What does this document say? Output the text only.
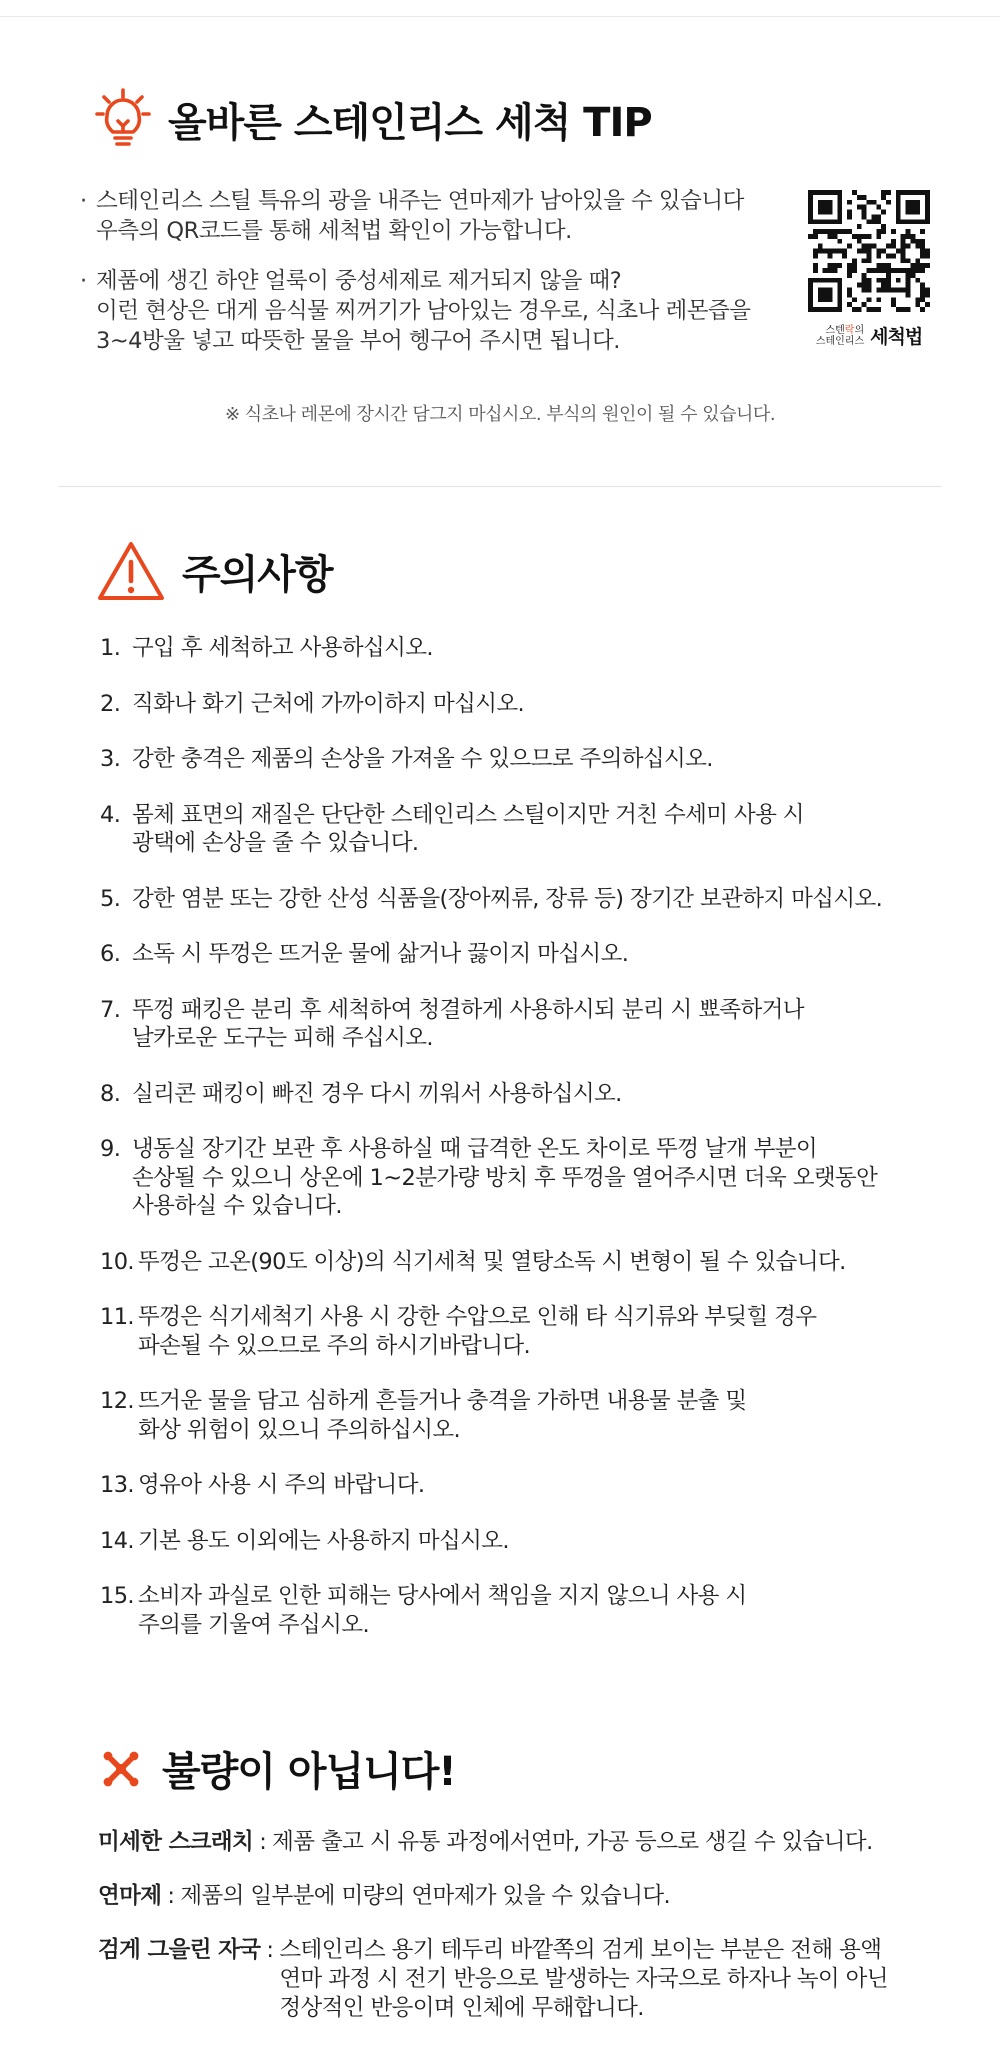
올바른 스테인리스 세척 TIP
· 스테인리스 스틸 특유의 광을 내주는 연마제가 남아있을 수 있습니다
우측의 QR코드를 통해 세척법 확인이 가능합니다.
· 제품에 생긴 하얀 얼룩이 중성세제로 제거되지 않을 때?
이런 현상은 대게 음식물 찌꺼기가 남아있는 경우로, 식초나 레몬즙을
3~4방울 넣고 따뜻한 물을 부어 헹구어 주시면 됩니다.	스텐락의
스테인리스 세척법
※ 식초나 레몬에 장시간 담그지 마십시오. 부식의 원인이 될 수 있습니다.
주의사항
1. 구입 후 세척하고 사용하십시오.
2. 직화나 화기 근처에 가까이하지 마십시오.
3. 강한 충격은 제품의 손상을 가져올 수 있으므로 주의하십시오.
4. 몸체 표면의 재질은 단단한 스테인리스 스틸이지만 거친 수세미 사용 시
광택에 손상을 줄 수 있습니다.
5. 강한 염분 또는 강한 산성 식품을(장아찌류, 장류 등) 장기간 보관하지 마십시오.
6. 소독 시 뚜껑은 뜨거운 물에 삶거나 끓이지 마십시오.
7. 뚜껑 패킹은 분리 후 세척하여 청결하게 사용하시되 분리 시 뾰족하거나
날카로운 도구는 피해 주십시오.
8. 실리콘 패킹이 빠진 경우 다시 끼워서 사용하십시오.
9. 냉동실 장기간 보관 후 사용하실 때 급격한 온도 차이로 뚜껑 날개 부분이
손상될 수 있으니 상온에 1~2분가량 방치 후 뚜껑을 열어주시면 더욱 오랫동안
사용하실 수 있습니다.
10. 뚜껑은 고온(90도 이상)의 식기세척 및 열탕소독 시 변형이 될 수 있습니다.
11. 뚜껑은 식기세척기 사용 시 강한 수압으로 인해 타 식기류와 부딪힐 경우
파손될 수 있으므로 주의 하시기바랍니다.
12. 뜨거운 물을 담고 심하게 흔들거나 충격을 가하면 내용물 분출 및
화상 위험이 있으니 주의하십시오.
13. 영유아 사용 시 주의 바랍니다.
14. 기본 용도 이외에는 사용하지 마십시오.
15. 소비자 과실로 인한 피해는 당사에서 책임을 지지 않으니 사용 시
주의를 기울여 주십시오.
불량이 아닙니다!
미세한 스크래치 : 제품 출고 시 유통 과정에서연마, 가공 등으로 생길 수 있습니다.
연마제 : 제품의 일부분에 미량의 연마제가 있을 수 있습니다.
검게 그을린 자국 : 스테인리스 용기 테두리 바깥쪽의 검게 보이는 부분은 전해 용액
연마 과정 시 전기 반응으로 발생하는 자국으로 하자나 녹이 아닌
정상적인 반응이며 인체에 무해합니다.
